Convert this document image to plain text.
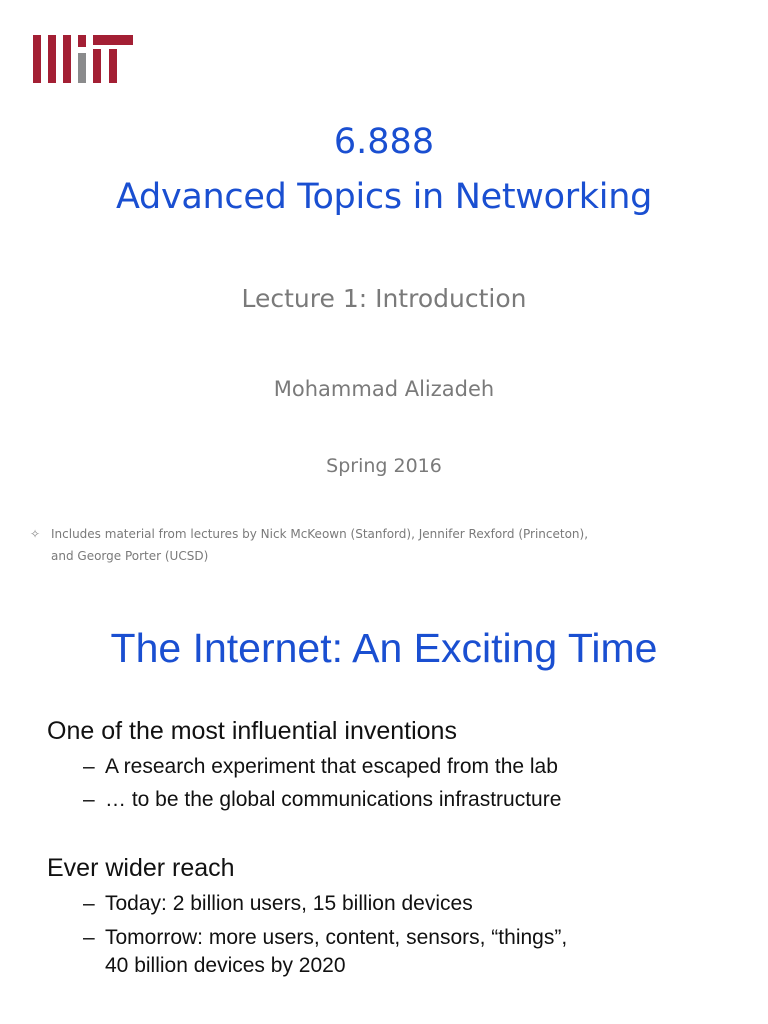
6.888
Advanced Topics in Networking
Lecture 1: Introduction
Mohammad Alizadeh
Spring 2016
✧ Includes material from lectures by Nick McKeown (Stanford), Jennifer Rexford (Princeton),
and George Porter (UCSD)
The Internet: An Exciting Time
One of the most influential inventions
– A research experiment that escaped from the lab
– … to be the global communications infrastructure
Ever wider reach
– Today: 2 billion users, 15 billion devices
– Tomorrow: more users, content, sensors, “things”,
40 billion devices by 2020
